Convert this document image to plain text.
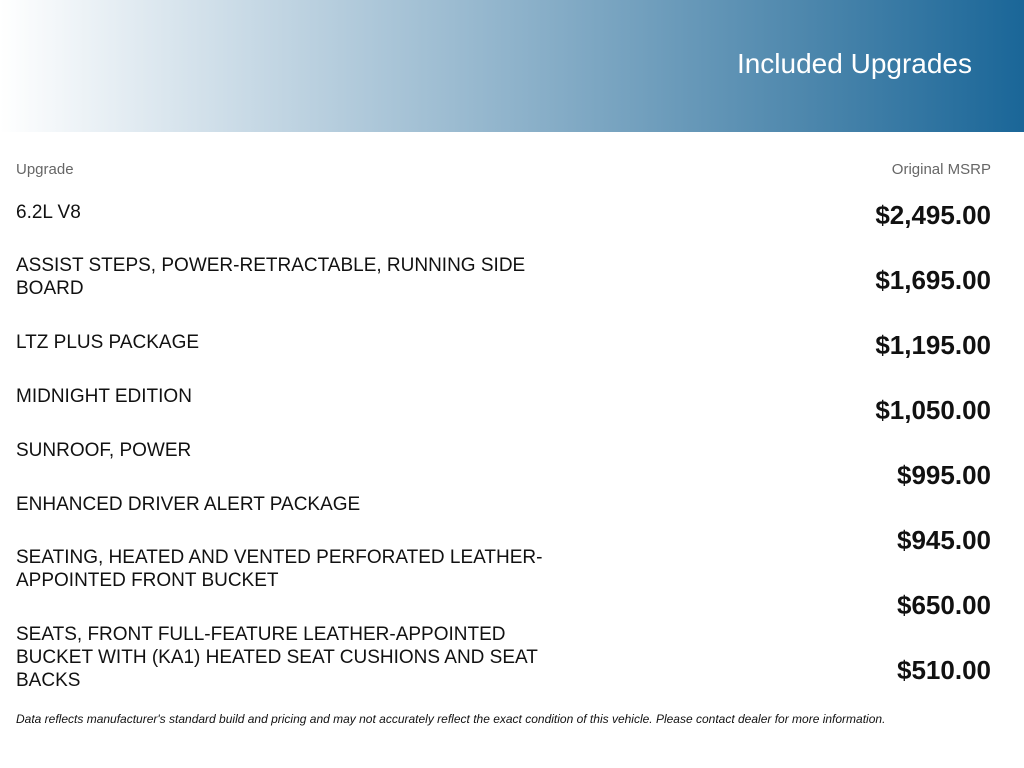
Included Upgrades
Upgrade	Original MSRP
6.2L V8
ASSIST STEPS, POWER-RETRACTABLE, RUNNING SIDE BOARD
LTZ PLUS PACKAGE
MIDNIGHT EDITION
SUNROOF, POWER
ENHANCED DRIVER ALERT PACKAGE
SEATING, HEATED AND VENTED PERFORATED LEATHER-APPOINTED FRONT BUCKET
SEATS, FRONT FULL-FEATURE LEATHER-APPOINTED BUCKET WITH (KA1) HEATED SEAT CUSHIONS AND SEAT BACKS
$2,495.00
$1,695.00
$1,195.00
$1,050.00
$995.00
$945.00
$650.00
$510.00
Data reflects manufacturer's standard build and pricing and may not accurately reflect the exact condition of this vehicle. Please contact dealer for more information.
